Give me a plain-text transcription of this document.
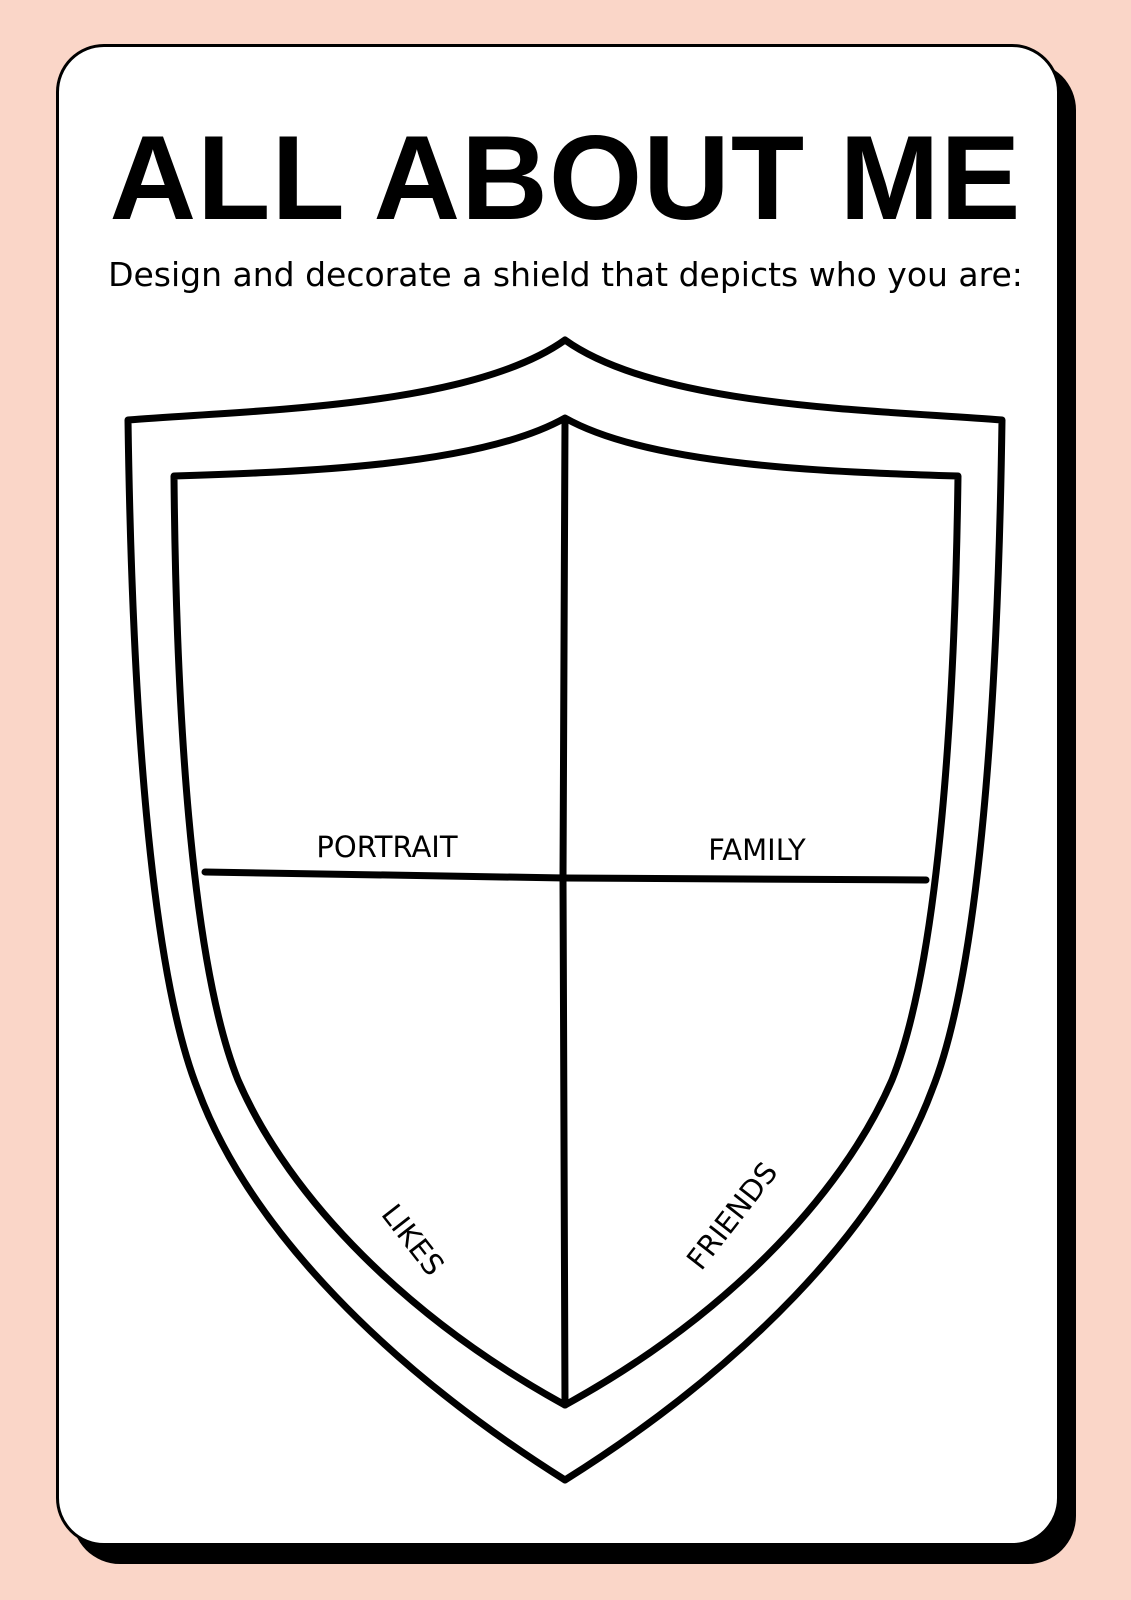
ALL ABOUT ME
Design and decorate a shield that depicts who you are:
PORTRAIT	FAMILY
LIKES	FRIENDS
